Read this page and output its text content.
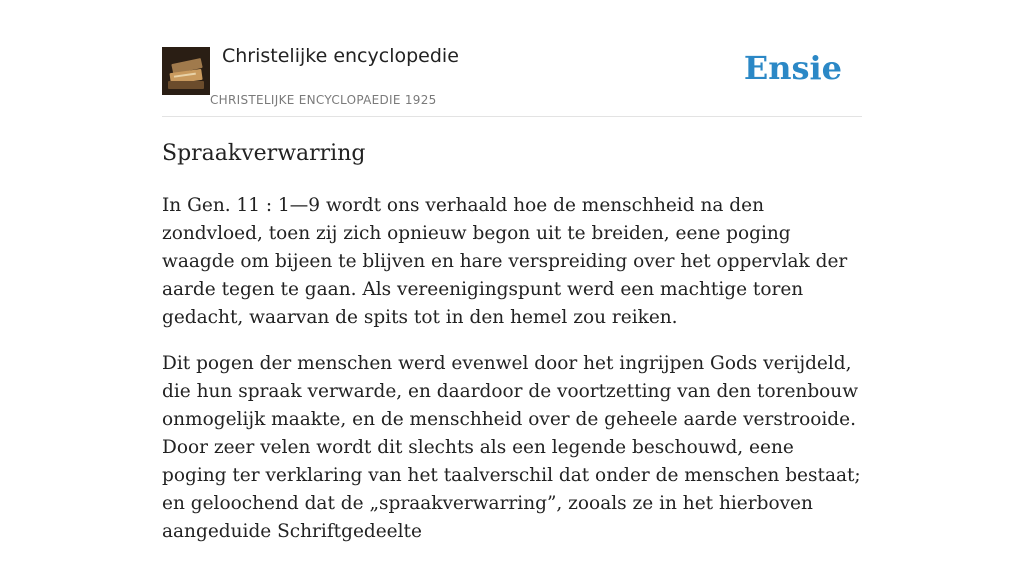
Christelijke encyclopedie
CHRISTELIJKE ENCYCLOPAEDIE 1925
Ensie
Spraakverwarring

In Gen. 11 : 1—9 wordt ons verhaald hoe de menschheid na den zondvloed, toen zij zich opnieuw begon uit te breiden, eene poging waagde om bijeen te blijven en hare verspreiding over het oppervlak der aarde tegen te gaan. Als vereenigingspunt werd een machtige toren gedacht, waarvan de spits tot in den hemel zou reiken.

Dit pogen der menschen werd evenwel door het ingrijpen Gods verijdeld, die hun spraak verwarde, en daardoor de voortzetting van den torenbouw onmogelijk maakte, en de menschheid over de geheele aarde verstrooide. Door zeer velen wordt dit slechts als een legende beschouwd, eene poging ter verklaring van het taalverschil dat onder de menschen bestaat; en geloochend dat de „spraakverwarring”, zooals ze in het hierboven aangeduide Schriftgedeelte
